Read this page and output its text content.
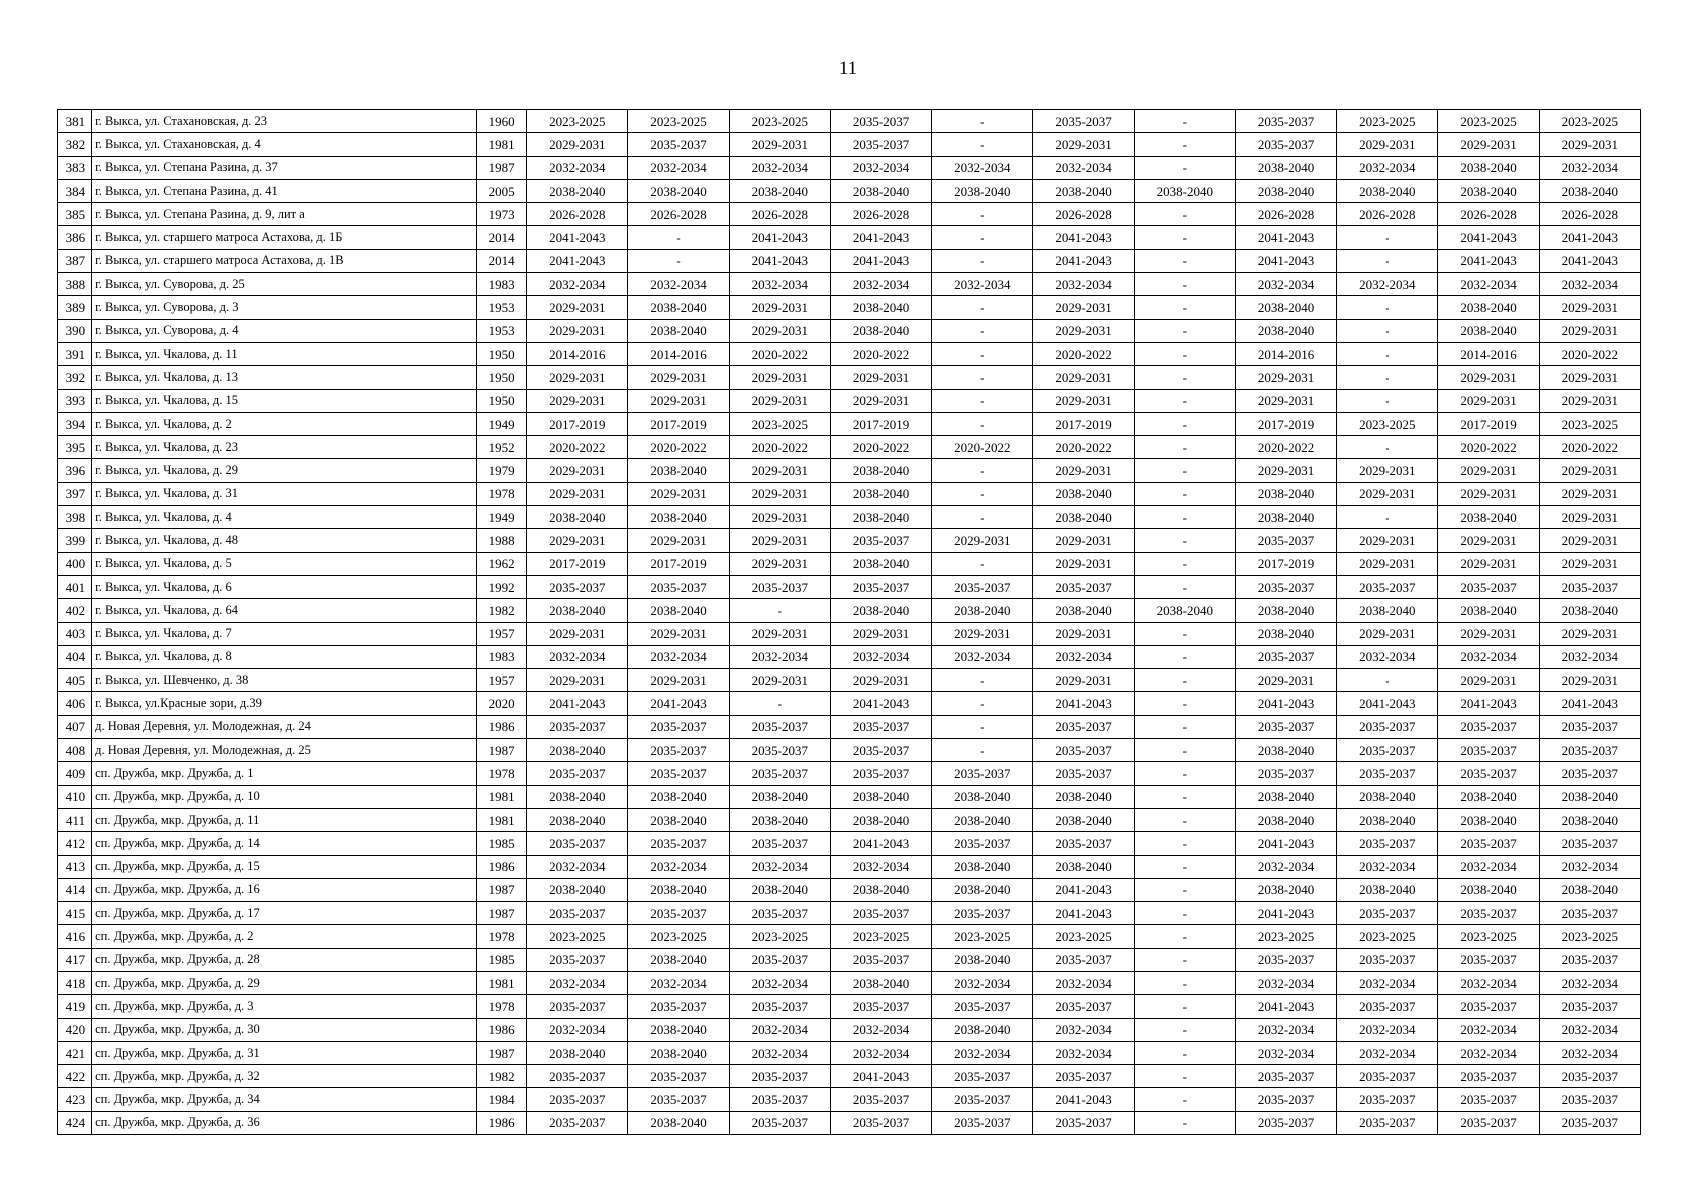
11
381	г. Выкса, ул. Стахановская, д. 23	1960	2023-2025	2023-2025	2023-2025	2035-2037	-	2035-2037	-	2035-2037	2023-2025	2023-2025	2023-2025
382	г. Выкса, ул. Стахановская, д. 4	1981	2029-2031	2035-2037	2029-2031	2035-2037	-	2029-2031	-	2035-2037	2029-2031	2029-2031	2029-2031
383	г. Выкса, ул. Степана Разина, д. 37	1987	2032-2034	2032-2034	2032-2034	2032-2034	2032-2034	2032-2034	-	2038-2040	2032-2034	2038-2040	2032-2034
384	г. Выкса, ул. Степана Разина, д. 41	2005	2038-2040	2038-2040	2038-2040	2038-2040	2038-2040	2038-2040	2038-2040	2038-2040	2038-2040	2038-2040	2038-2040
385	г. Выкса, ул. Степана Разина, д. 9, лит а	1973	2026-2028	2026-2028	2026-2028	2026-2028	-	2026-2028	-	2026-2028	2026-2028	2026-2028	2026-2028
386	г. Выкса, ул. старшего матроса Астахова, д. 1Б	2014	2041-2043	-	2041-2043	2041-2043	-	2041-2043	-	2041-2043	-	2041-2043	2041-2043
387	г. Выкса, ул. старшего матроса Астахова, д. 1В	2014	2041-2043	-	2041-2043	2041-2043	-	2041-2043	-	2041-2043	-	2041-2043	2041-2043
388	г. Выкса, ул. Суворова, д. 25	1983	2032-2034	2032-2034	2032-2034	2032-2034	2032-2034	2032-2034	-	2032-2034	2032-2034	2032-2034	2032-2034
389	г. Выкса, ул. Суворова, д. 3	1953	2029-2031	2038-2040	2029-2031	2038-2040	-	2029-2031	-	2038-2040	-	2038-2040	2029-2031
390	г. Выкса, ул. Суворова, д. 4	1953	2029-2031	2038-2040	2029-2031	2038-2040	-	2029-2031	-	2038-2040	-	2038-2040	2029-2031
391	г. Выкса, ул. Чкалова, д. 11	1950	2014-2016	2014-2016	2020-2022	2020-2022	-	2020-2022	-	2014-2016	-	2014-2016	2020-2022
392	г. Выкса, ул. Чкалова, д. 13	1950	2029-2031	2029-2031	2029-2031	2029-2031	-	2029-2031	-	2029-2031	-	2029-2031	2029-2031
393	г. Выкса, ул. Чкалова, д. 15	1950	2029-2031	2029-2031	2029-2031	2029-2031	-	2029-2031	-	2029-2031	-	2029-2031	2029-2031
394	г. Выкса, ул. Чкалова, д. 2	1949	2017-2019	2017-2019	2023-2025	2017-2019	-	2017-2019	-	2017-2019	2023-2025	2017-2019	2023-2025
395	г. Выкса, ул. Чкалова, д. 23	1952	2020-2022	2020-2022	2020-2022	2020-2022	2020-2022	2020-2022	-	2020-2022	-	2020-2022	2020-2022
396	г. Выкса, ул. Чкалова, д. 29	1979	2029-2031	2038-2040	2029-2031	2038-2040	-	2029-2031	-	2029-2031	2029-2031	2029-2031	2029-2031
397	г. Выкса, ул. Чкалова, д. 31	1978	2029-2031	2029-2031	2029-2031	2038-2040	-	2038-2040	-	2038-2040	2029-2031	2029-2031	2029-2031
398	г. Выкса, ул. Чкалова, д. 4	1949	2038-2040	2038-2040	2029-2031	2038-2040	-	2038-2040	-	2038-2040	-	2038-2040	2029-2031
399	г. Выкса, ул. Чкалова, д. 48	1988	2029-2031	2029-2031	2029-2031	2035-2037	2029-2031	2029-2031	-	2035-2037	2029-2031	2029-2031	2029-2031
400	г. Выкса, ул. Чкалова, д. 5	1962	2017-2019	2017-2019	2029-2031	2038-2040	-	2029-2031	-	2017-2019	2029-2031	2029-2031	2029-2031
401	г. Выкса, ул. Чкалова, д. 6	1992	2035-2037	2035-2037	2035-2037	2035-2037	2035-2037	2035-2037	-	2035-2037	2035-2037	2035-2037	2035-2037
402	г. Выкса, ул. Чкалова, д. 64	1982	2038-2040	2038-2040	-	2038-2040	2038-2040	2038-2040	2038-2040	2038-2040	2038-2040	2038-2040	2038-2040
403	г. Выкса, ул. Чкалова, д. 7	1957	2029-2031	2029-2031	2029-2031	2029-2031	2029-2031	2029-2031	-	2038-2040	2029-2031	2029-2031	2029-2031
404	г. Выкса, ул. Чкалова, д. 8	1983	2032-2034	2032-2034	2032-2034	2032-2034	2032-2034	2032-2034	-	2035-2037	2032-2034	2032-2034	2032-2034
405	г. Выкса, ул. Шевченко, д. 38	1957	2029-2031	2029-2031	2029-2031	2029-2031	-	2029-2031	-	2029-2031	-	2029-2031	2029-2031
406	г. Выкса, ул.Красные зори, д.39	2020	2041-2043	2041-2043	-	2041-2043	-	2041-2043	-	2041-2043	2041-2043	2041-2043	2041-2043
407	д. Новая Деревня, ул. Молодежная, д. 24	1986	2035-2037	2035-2037	2035-2037	2035-2037	-	2035-2037	-	2035-2037	2035-2037	2035-2037	2035-2037
408	д. Новая Деревня, ул. Молодежная, д. 25	1987	2038-2040	2035-2037	2035-2037	2035-2037	-	2035-2037	-	2038-2040	2035-2037	2035-2037	2035-2037
409	сп. Дружба, мкр. Дружба, д. 1	1978	2035-2037	2035-2037	2035-2037	2035-2037	2035-2037	2035-2037	-	2035-2037	2035-2037	2035-2037	2035-2037
410	сп. Дружба, мкр. Дружба, д. 10	1981	2038-2040	2038-2040	2038-2040	2038-2040	2038-2040	2038-2040	-	2038-2040	2038-2040	2038-2040	2038-2040
411	сп. Дружба, мкр. Дружба, д. 11	1981	2038-2040	2038-2040	2038-2040	2038-2040	2038-2040	2038-2040	-	2038-2040	2038-2040	2038-2040	2038-2040
412	сп. Дружба, мкр. Дружба, д. 14	1985	2035-2037	2035-2037	2035-2037	2041-2043	2035-2037	2035-2037	-	2041-2043	2035-2037	2035-2037	2035-2037
413	сп. Дружба, мкр. Дружба, д. 15	1986	2032-2034	2032-2034	2032-2034	2032-2034	2038-2040	2038-2040	-	2032-2034	2032-2034	2032-2034	2032-2034
414	сп. Дружба, мкр. Дружба, д. 16	1987	2038-2040	2038-2040	2038-2040	2038-2040	2038-2040	2041-2043	-	2038-2040	2038-2040	2038-2040	2038-2040
415	сп. Дружба, мкр. Дружба, д. 17	1987	2035-2037	2035-2037	2035-2037	2035-2037	2035-2037	2041-2043	-	2041-2043	2035-2037	2035-2037	2035-2037
416	сп. Дружба, мкр. Дружба, д. 2	1978	2023-2025	2023-2025	2023-2025	2023-2025	2023-2025	2023-2025	-	2023-2025	2023-2025	2023-2025	2023-2025
417	сп. Дружба, мкр. Дружба, д. 28	1985	2035-2037	2038-2040	2035-2037	2035-2037	2038-2040	2035-2037	-	2035-2037	2035-2037	2035-2037	2035-2037
418	сп. Дружба, мкр. Дружба, д. 29	1981	2032-2034	2032-2034	2032-2034	2038-2040	2032-2034	2032-2034	-	2032-2034	2032-2034	2032-2034	2032-2034
419	сп. Дружба, мкр. Дружба, д. 3	1978	2035-2037	2035-2037	2035-2037	2035-2037	2035-2037	2035-2037	-	2041-2043	2035-2037	2035-2037	2035-2037
420	сп. Дружба, мкр. Дружба, д. 30	1986	2032-2034	2038-2040	2032-2034	2032-2034	2038-2040	2032-2034	-	2032-2034	2032-2034	2032-2034	2032-2034
421	сп. Дружба, мкр. Дружба, д. 31	1987	2038-2040	2038-2040	2032-2034	2032-2034	2032-2034	2032-2034	-	2032-2034	2032-2034	2032-2034	2032-2034
422	сп. Дружба, мкр. Дружба, д. 32	1982	2035-2037	2035-2037	2035-2037	2041-2043	2035-2037	2035-2037	-	2035-2037	2035-2037	2035-2037	2035-2037
423	сп. Дружба, мкр. Дружба, д. 34	1984	2035-2037	2035-2037	2035-2037	2035-2037	2035-2037	2041-2043	-	2035-2037	2035-2037	2035-2037	2035-2037
424	сп. Дружба, мкр. Дружба, д. 36	1986	2035-2037	2038-2040	2035-2037	2035-2037	2035-2037	2035-2037	-	2035-2037	2035-2037	2035-2037	2035-2037
